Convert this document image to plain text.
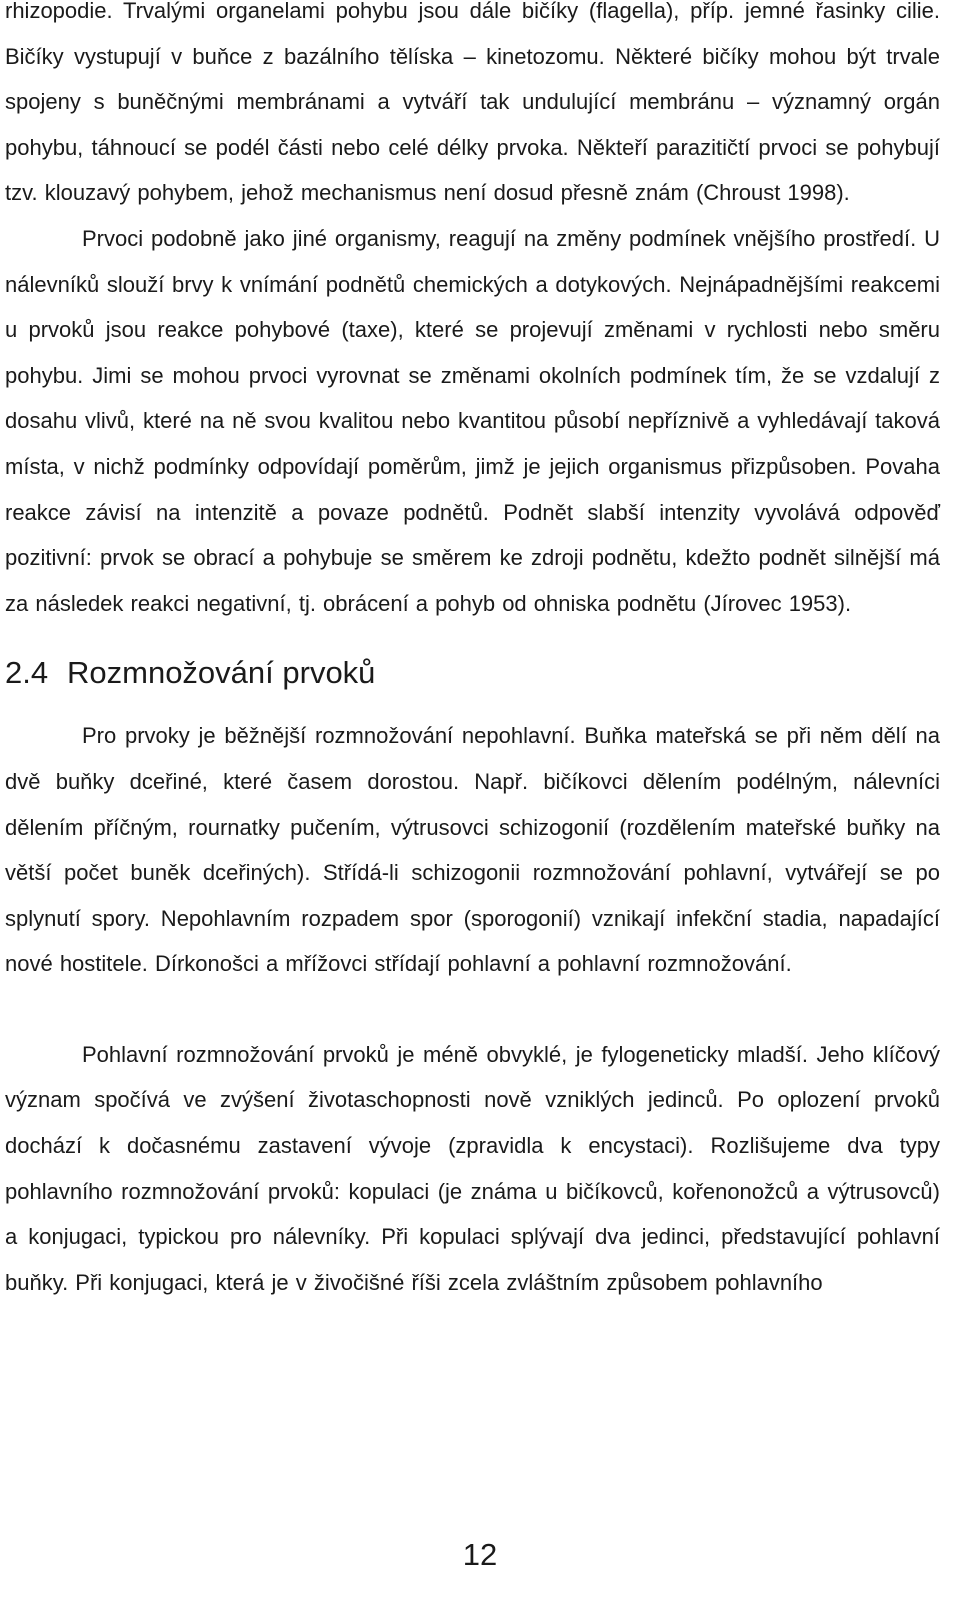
rhizopodie. Trvalými organelami pohybu jsou dále bičíky (flagella), příp. jemné řasinky cilie. Bičíky vystupují v buňce z bazálního tělíska – kinetozomu. Některé bičíky mohou být trvale spojeny s buněčnými membránami a vytváří tak undulující membránu – významný orgán pohybu, táhnoucí se podél části nebo celé délky prvoka. Někteří parazitičtí prvoci se pohybují tzv. klouzavý pohybem, jehož mechanismus není dosud přesně znám (Chroust 1998).

Prvoci podobně jako jiné organismy, reagují na změny podmínek vnějšího prostředí. U nálevníků slouží brvy k vnímání podnětů chemických a dotykových. Nejnápadnějšími reakcemi u prvoků jsou reakce pohybové (taxe), které se projevují změnami v rychlosti nebo směru pohybu. Jimi se mohou prvoci vyrovnat se změnami okolních podmínek tím, že se vzdalují z dosahu vlivů, které na ně svou kvalitou nebo kvantitou působí nepříznivě a vyhledávají taková místa, v nichž podmínky odpovídají poměrům, jimž je jejich organismus přizpůsoben. Povaha reakce závisí na intenzitě a povaze podnětů. Podnět slabší intenzity vyvolává odpověď pozitivní: prvok se obrací a pohybuje se směrem ke zdroji podnětu, kdežto podnět silnější má za následek reakci negativní, tj. obrácení a pohyb od ohniska podnětu (Jírovec 1953).

2.4 Rozmnožování prvoků

Pro prvoky je běžnější rozmnožování nepohlavní. Buňka mateřská se při něm dělí na dvě buňky dceřiné, které časem dorostou. Např. bičíkovci dělením podélným, nálevníci dělením příčným, rournatky pučením, výtrusovci schizogonií (rozdělením mateřské buňky na větší počet buněk dceřiných). Střídá-li schizogonii rozmnožování pohlavní, vytvářejí se po splynutí spory. Nepohlavním rozpadem spor (sporogonií) vznikají infekční stadia, napadající nové hostitele. Dírkonošci a mřížovci střídají pohlavní a pohlavní rozmnožování.

Pohlavní rozmnožování prvoků je méně obvyklé, je fylogeneticky mladší. Jeho klíčový význam spočívá ve zvýšení životaschopnosti nově vzniklých jedinců. Po oplození prvoků dochází k dočasnému zastavení vývoje (zpravidla k encystaci). Rozlišujeme dva typy pohlavního rozmnožování prvoků: kopulaci (je známa u bičíkovců, kořenonožců a výtrusovců) a konjugaci, typickou pro nálevníky. Při kopulaci splývají dva jedinci, představující pohlavní buňky. Při konjugaci, která je v živočišné říši zcela zvláštním způsobem pohlavního

12
